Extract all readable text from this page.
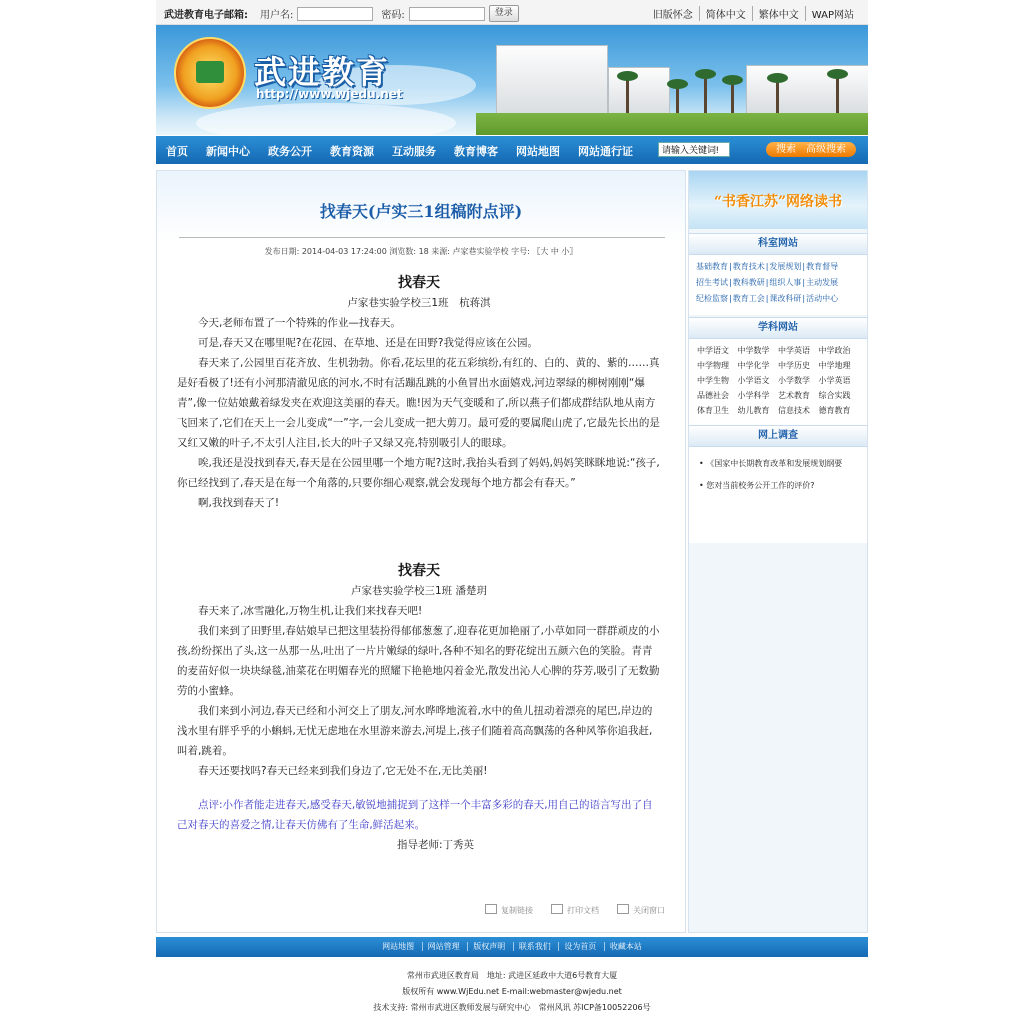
武进教育电子邮箱: 用户名:	密码:	登录	旧版怀念	简体中文	繁体中文	WAP网站
武进教育
http://www.wjedu.net
首页 新闻中心 政务公开 教育资源 互动服务 教育博客 网站地图 网站通行证
请输入关键词!	搜索 高级搜索
找春天(卢实三1组稿附点评)
发布日期: 2014-04-03 17:24:00 浏览数: 18 来源: 卢家巷实验学校 字号: 〖大 中 小〗

找春天

卢家巷实验学校三1班　杭蒋淇

今天,老师布置了一个特殊的作业—找春天。

可是,春天又在哪里呢?在花园、在草地、还是在田野?我觉得应该在公园。

春天来了,公园里百花齐放、生机勃勃。你看,花坛里的花五彩缤纷,有红的、白的、黄的、紫的……真是好看极了!还有小河那清澈见底的河水,不时有活蹦乱跳的小鱼冒出水面嬉戏,河边翠绿的柳树刚刚“爆青”,像一位姑娘戴着绿发夹在欢迎这美丽的春天。瞧!因为天气变暖和了,所以燕子们都成群结队地从南方飞回来了,它们在天上一会儿变成“一”字,一会儿变成一把大剪刀。最可爱的要属爬山虎了,它最先长出的是又红又嫩的叶子,不太引人注目,长大的叶子又绿又亮,特别吸引人的眼球。

唉,我还是没找到春天,春天是在公园里哪一个地方呢?这时,我抬头看到了妈妈,妈妈笑眯眯地说:“孩子,你已经找到了,春天是在每一个角落的,只要你细心观察,就会发现每个地方都会有春天。”

啊,我找到春天了!

找春天

卢家巷实验学校三1班 潘楚玥

春天来了,冰雪融化,万物生机,让我们来找春天吧!

我们来到了田野里,春姑娘早已把这里装扮得郁郁葱葱了,迎春花更加艳丽了,小草如同一群群顽皮的小孩,纷纷探出了头,这一丛那一丛,吐出了一片片嫩绿的绿叶,各种不知名的野花绽出五颜六色的笑脸。青青的麦苗好似一块块绿毯,油菜花在明媚春光的照耀下艳艳地闪着金光,散发出沁人心脾的芬芳,吸引了无数勤劳的小蜜蜂。

我们来到小河边,春天已经和小河交上了朋友,河水哗哗地流着,水中的鱼儿扭动着漂亮的尾巴,岸边的浅水里有胖乎乎的小蝌蚪,无忧无虑地在水里游来游去,河堤上,孩子们随着高高飘荡的各种风筝你追我赶,叫着,跳着。

春天还要找吗?春天已经来到我们身边了,它无处不在,无比美丽!

点评:小作者能走进春天,感受春天,敏锐地捕捉到了这样一个丰富多彩的春天,用自己的语言写出了自己对春天的喜爱之情,让春天仿佛有了生命,鲜活起来。

指导老师:丁秀英

复制链接	打印文档	关闭窗口
“书香江苏”网络读书
科室网站
基础教育|教育技术|发展规划|教育督导
招生考试|教科教研|组织人事|主动发展
纪检监察|教育工会|课改科研|活动中心
学科网站
中学语文	中学数学	中学英语	中学政治
中学物理	中学化学	中学历史	中学地理
中学生物	小学语文	小学数学	小学英语
品德社会	小学科学	艺术教育	综合实践
体育卫生	幼儿教育	信息技术	德育教育
网上调查
• 《国家中长期教育改革和发展规划纲要
• 您对当前校务公开工作的评价?
网站地图 网站管理 版权声明 联系我们 设为首页 收藏本站
常州市武进区教育局　地址: 武进区延政中大道6号教育大厦
版权所有 www.WjEdu.net E-mail:webmaster@wjedu.net
技术支持: 常州市武进区教师发展与研究中心　常州风讯 苏ICP备10052206号
